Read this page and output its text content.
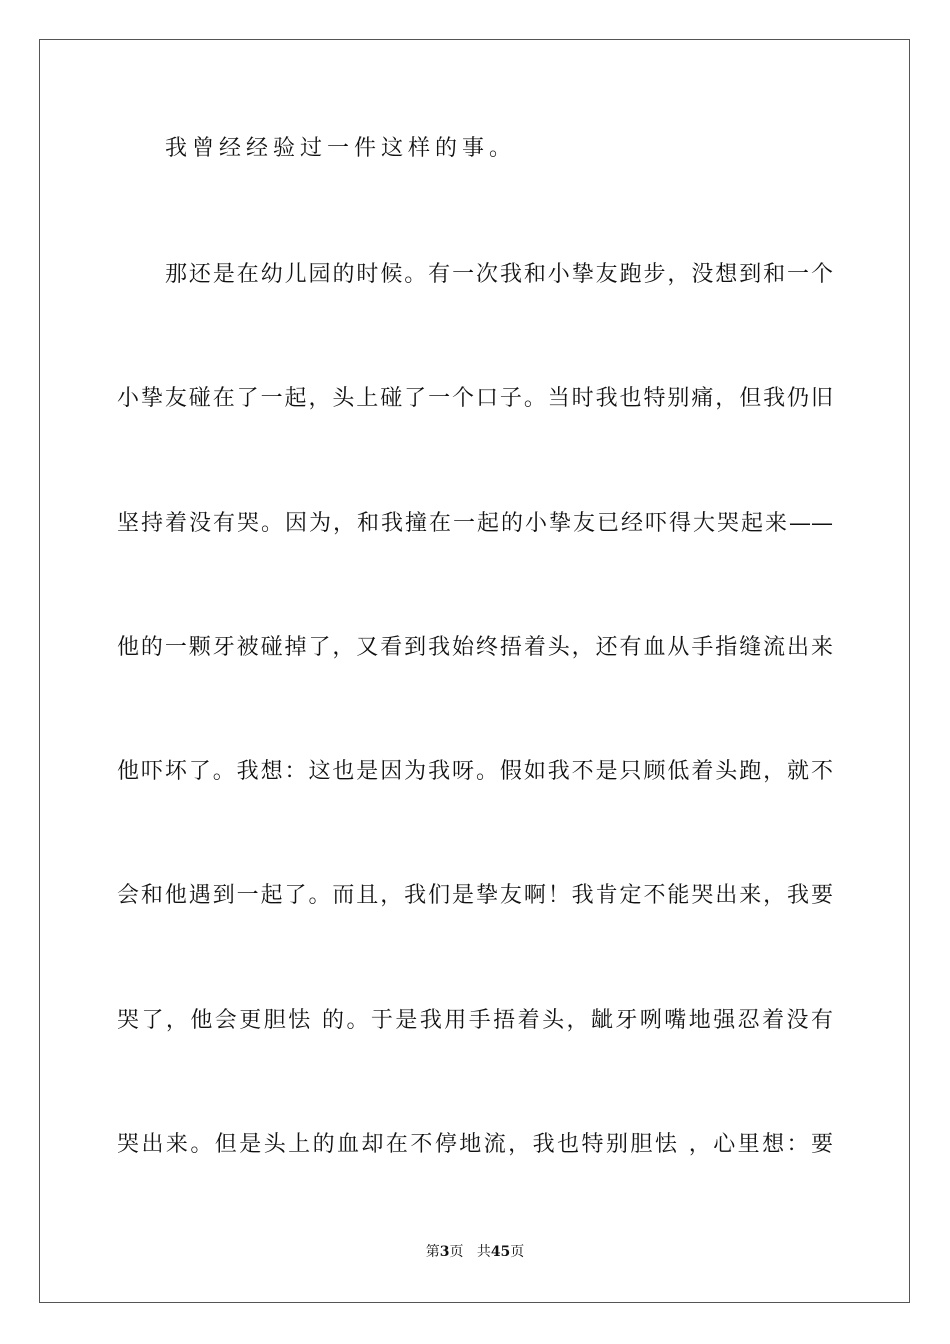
我曾经经验过一件这样的事。
那还是在幼儿园的时候。有一次我和小挚友跑步，没想到和一个
小挚友碰在了一起，头上碰了一个口子。当时我也特别痛，但我仍旧
坚持着没有哭。因为，和我撞在一起的小挚友已经吓得大哭起来——
他的一颗牙被碰掉了，又看到我始终捂着头，还有血从手指缝流出来
他吓坏了。我想：这也是因为我呀。假如我不是只顾低着头跑，就不
会和他遇到一起了。而且，我们是挚友啊！我肯定不能哭出来，我要
哭了，他会更胆怯 的。于是我用手捂着头，龇牙咧嘴地强忍着没有
哭出来。但是头上的血却在不停地流，我也特别胆怯 ，心里想：要
第3页 共45页
